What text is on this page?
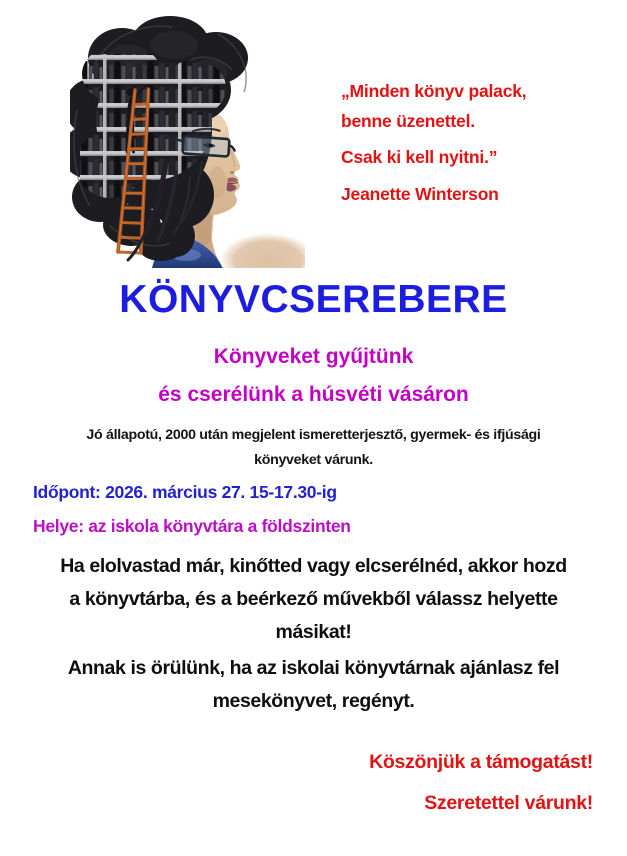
„Minden könyv palack,
benne üzenettel.
Csak ki kell nyitni.”
Jeanette Winterson
KÖNYVCSEREBERE
Könyveket gyűjtünk
és cserélünk a húsvéti vásáron
Jó állapotú, 2000 után megjelent ismeretterjesztő, gyermek- és ifjúsági
könyveket várunk.
Időpont: 2026. március 27. 15-17.30-ig
Helye: az iskola könyvtára a földszinten
Ha elolvastad már, kinőtted vagy elcserélnéd, akkor hozd
a könyvtárba, és a beérkező művekből válassz helyette
másikat!
Annak is örülünk, ha az iskolai könyvtárnak ajánlasz fel
mesekönyvet, regényt.
Köszönjük a támogatást!
Szeretettel várunk!
